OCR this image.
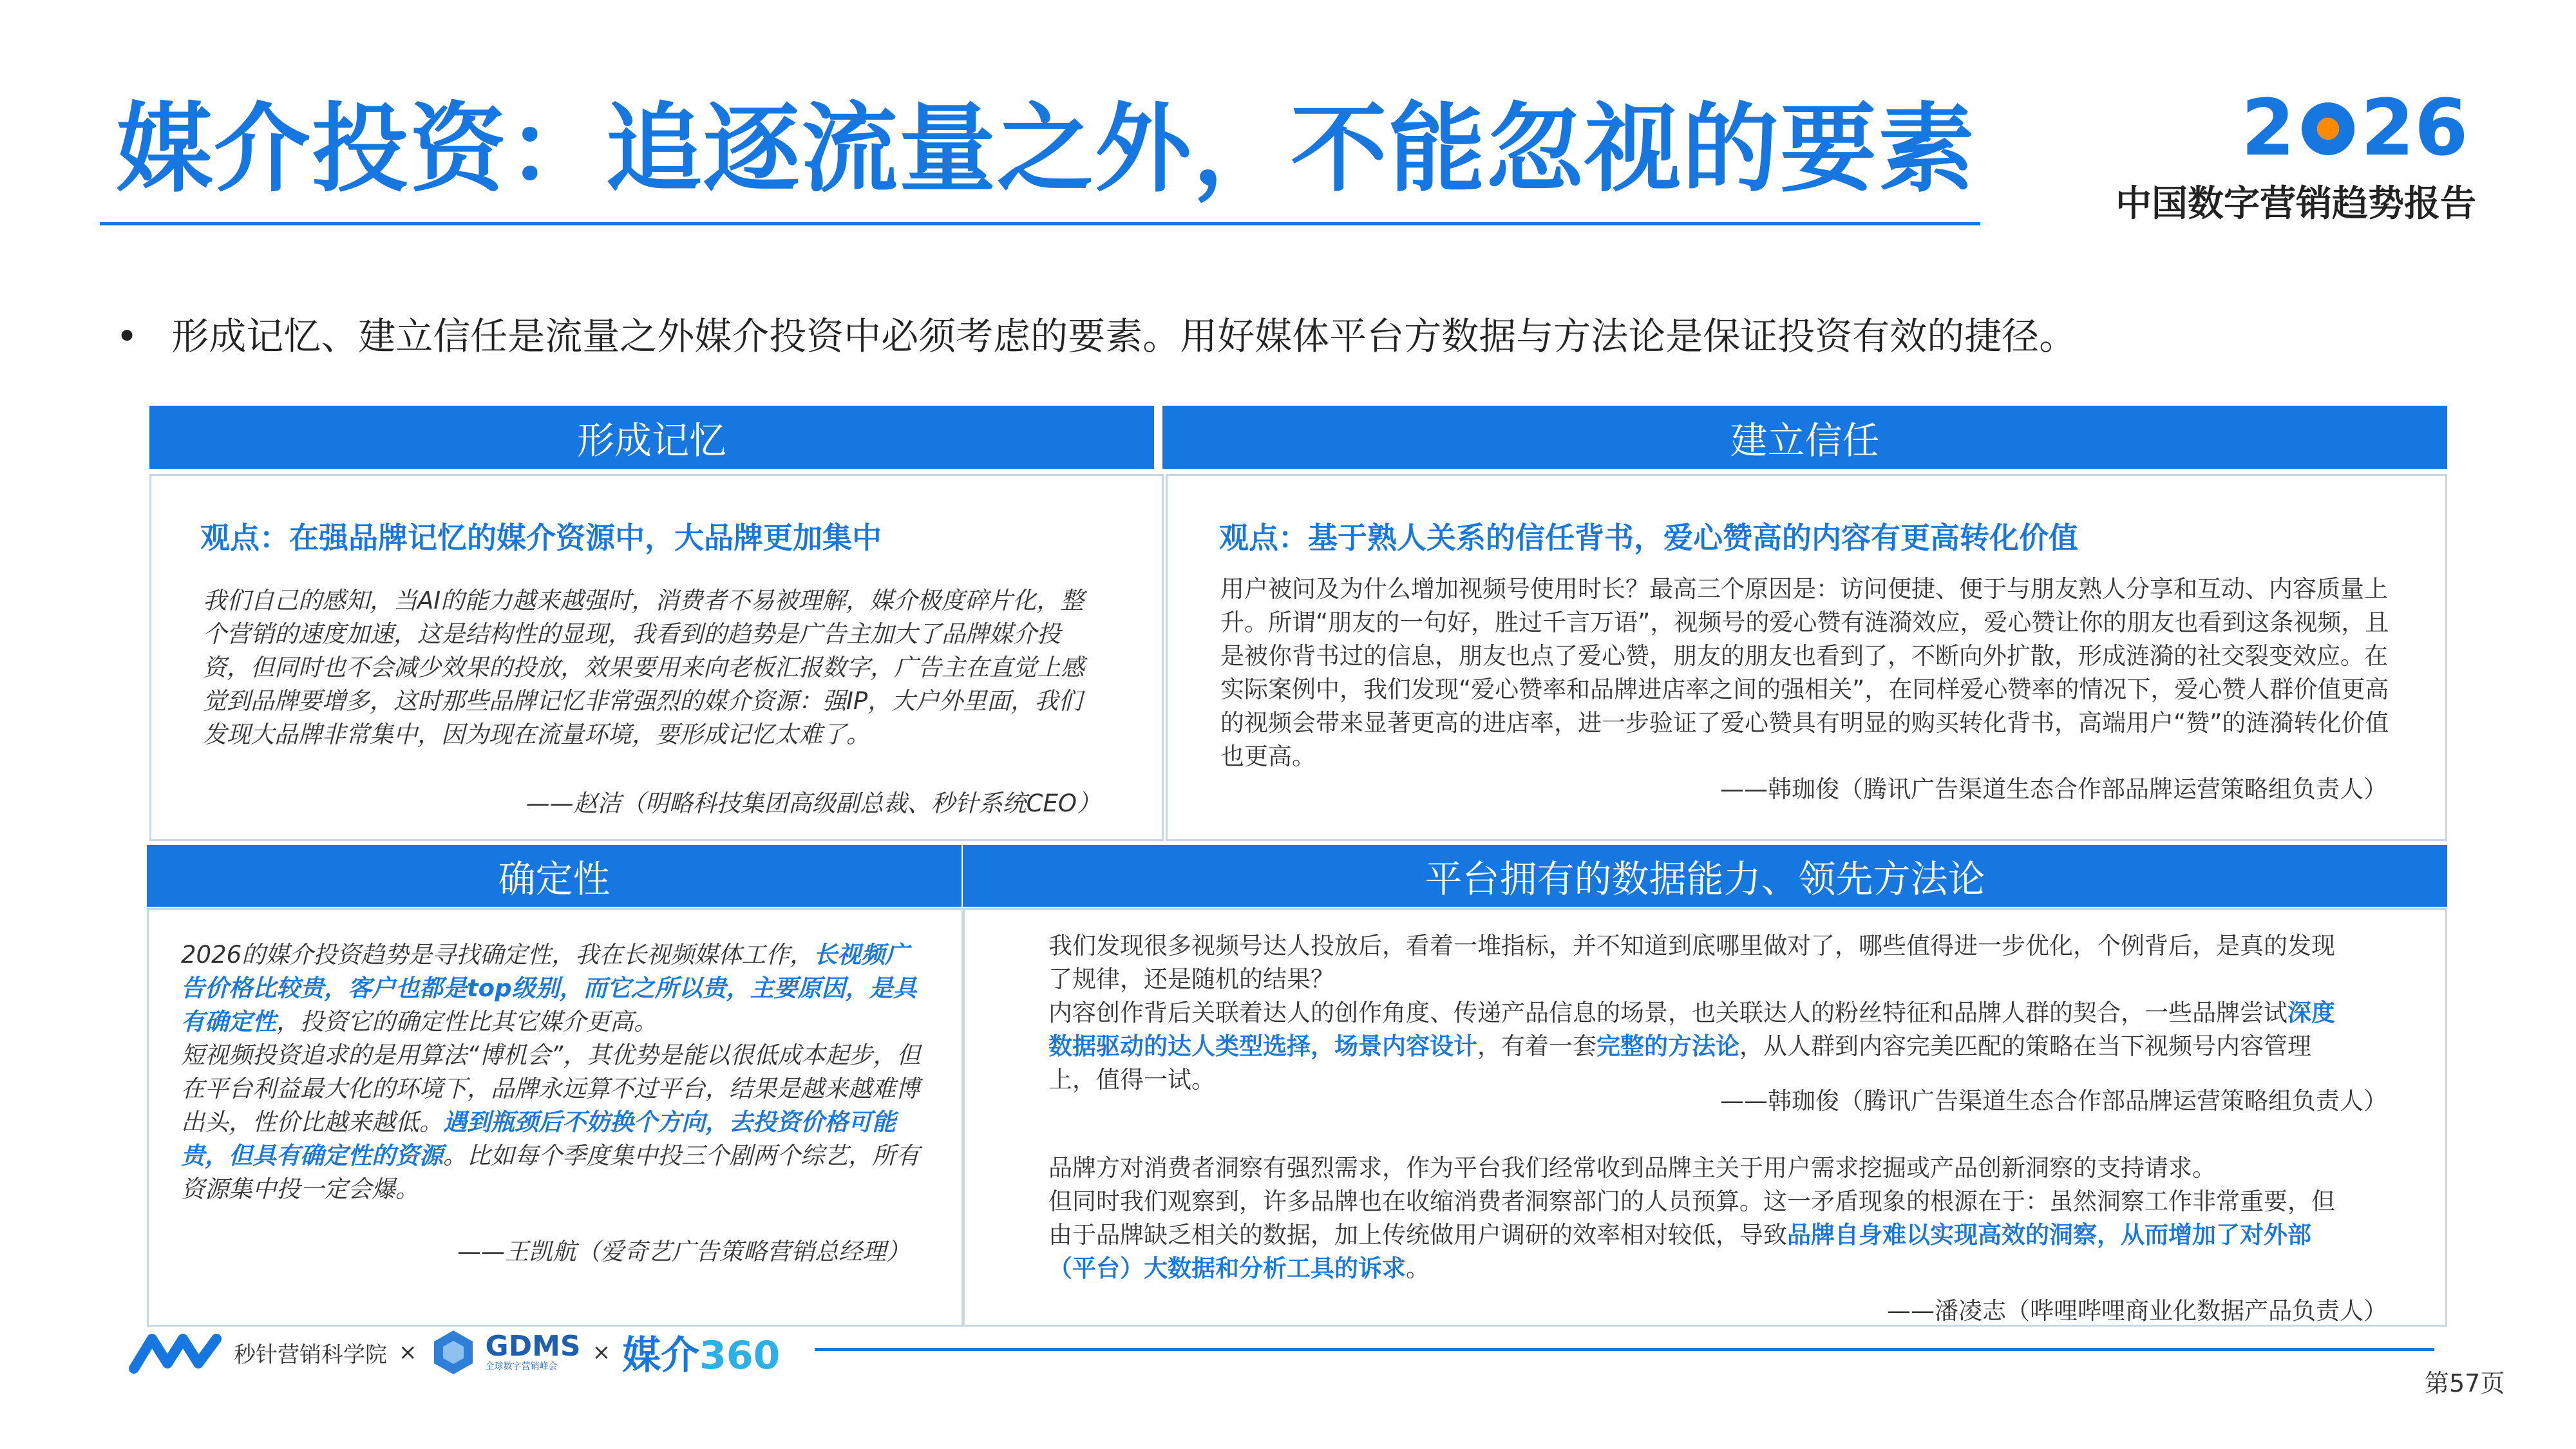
媒介投资：追逐流量之外，不能忽视的要素	2 26
中国数字营销趋势报告
• 形成记忆、建立信任是流量之外媒介投资中必须考虑的要素。用好媒体平台方数据与方法论是保证投资有效的捷径。
形成记忆
观点：在强品牌记忆的媒介资源中，大品牌更加集中

我们自己的感知，当AI的能力越来越强时，消费者不易被理解，媒介极度碎片化，整个营销的速度加速，这是结构性的显现，我看到的趋势是广告主加大了品牌媒介投资，但同时也不会减少效果的投放，效果要用来向老板汇报数字，广告主在直觉上感觉到品牌要增多，这时那些品牌记忆非常强烈的媒介资源：强IP，大户外里面，我们发现大品牌非常集中，因为现在流量环境，要形成记忆太难了。

——赵洁（明略科技集团高级副总裁、秒针系统CEO）
建立信任
观点：基于熟人关系的信任背书，爱心赞高的内容有更高转化价值

用户被问及为什么增加视频号使用时长？最高三个原因是：访问便捷、便于与朋友熟人分享和互动、内容质量上升。所谓“朋友的一句好，胜过千言万语”，视频号的爱心赞有涟漪效应，爱心赞让你的朋友也看到这条视频，且是被你背书过的信息，朋友也点了爱心赞，朋友的朋友也看到了，不断向外扩散，形成涟漪的社交裂变效应。在实际案例中，我们发现“爱心赞率和品牌进店率之间的强相关”，在同样爱心赞率的情况下，爱心赞人群价值更高的视频会带来显著更高的进店率，进一步验证了爱心赞具有明显的购买转化背书，高端用户“赞”的涟漪转化价值也更高。

——韩珈俊（腾讯广告渠道生态合作部品牌运营策略组负责人）
确定性

2026的媒介投资趋势是寻找确定性，我在长视频媒体工作，长视频广告价格比较贵，客户也都是top级别，而它之所以贵，主要原因，是具有确定性，投资它的确定性比其它媒介更高。
短视频投资追求的是用算法“博机会”，其优势是能以很低成本起步，但在平台利益最大化的环境下，品牌永远算不过平台，结果是越来越难博出头，性价比越来越低。遇到瓶颈后不妨换个方向，去投资价格可能贵，但具有确定性的资源。比如每个季度集中投三个剧两个综艺，所有资源集中投一定会爆。

——王凯航（爱奇艺广告策略营销总经理）
平台拥有的数据能力、领先方法论

我们发现很多视频号达人投放后，看着一堆指标，并不知道到底哪里做对了，哪些值得进一步优化，个例背后，是真的发现了规律，还是随机的结果？
内容创作背后关联着达人的创作角度、传递产品信息的场景，也关联达人的粉丝特征和品牌人群的契合，一些品牌尝试深度数据驱动的达人类型选择，场景内容设计，有着一套完整的方法论，从人群到内容完美匹配的策略在当下视频号内容管理上，值得一试。

——韩珈俊（腾讯广告渠道生态合作部品牌运营策略组负责人）

品牌方对消费者洞察有强烈需求，作为平台我们经常收到品牌主关于用户需求挖掘或产品创新洞察的支持请求。
但同时我们观察到，许多品牌也在收缩消费者洞察部门的人员预算。这一矛盾现象的根源在于：虽然洞察工作非常重要，但由于品牌缺乏相关的数据，加上传统做用户调研的效率相对较低，导致品牌自身难以实现高效的洞察，从而增加了对外部（平台）大数据和分析工具的诉求。

——潘凌志（哔哩哔哩商业化数据产品负责人）
秒针营销科学院 × GDMS
全球数字营销峰会
× 媒介360
第57页
